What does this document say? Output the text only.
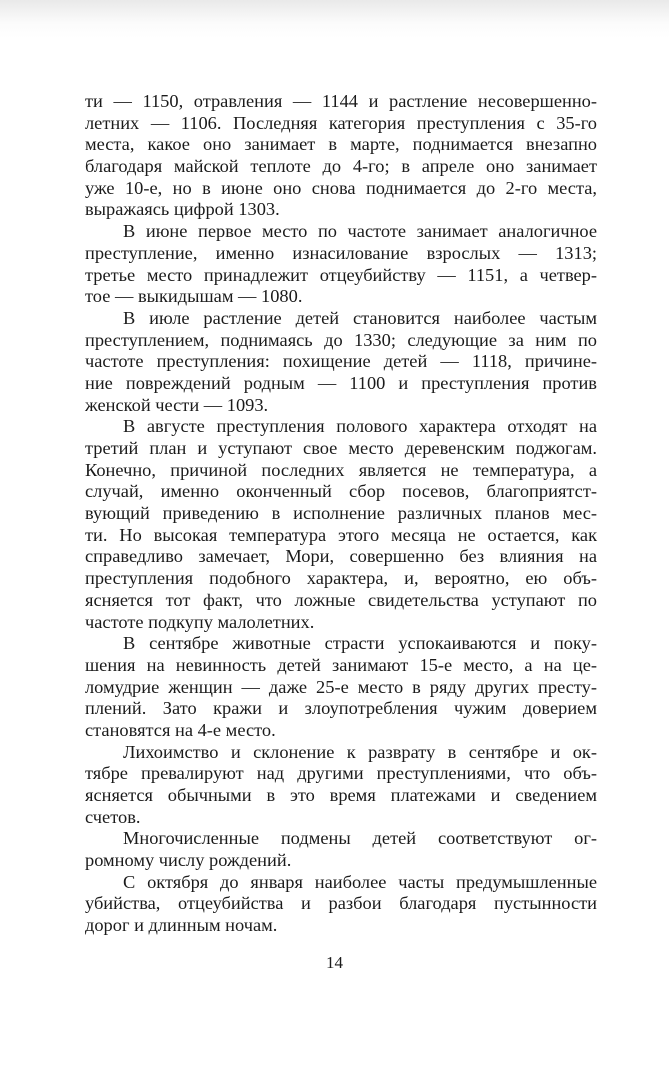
ти — 1150, отравления — 1144 и растление несовершенно-
летних — 1106. Последняя категория преступления с 35-го
места, какое оно занимает в марте, поднимается внезапно
благодаря майской теплоте до 4-го; в апреле оно занимает
уже 10-е, но в июне оно снова поднимается до 2-го места,
выражаясь цифрой 1303.
В июне первое место по частоте занимает аналогичное
преступление, именно изнасилование взрослых — 1313;
третье место принадлежит отцеубийству — 1151, а четвер-
тое — выкидышам — 1080.
В июле растление детей становится наиболее частым
преступлением, поднимаясь до 1330; следующие за ним по
частоте преступления: похищение детей — 1118, причине-
ние повреждений родным — 1100 и преступления против
женской чести — 1093.
В августе преступления полового характера отходят на
третий план и уступают свое место деревенским поджогам.
Конечно, причиной последних является не температура, а
случай, именно оконченный сбор посевов, благоприятст-
вующий приведению в исполнение различных планов мес-
ти. Но высокая температура этого месяца не остается, как
справедливо замечает, Мори, совершенно без влияния на
преступления подобного характера, и, вероятно, ею объ-
ясняется тот факт, что ложные свидетельства уступают по
частоте подкупу малолетних.
В сентябре животные страсти успокаиваются и поку-
шения на невинность детей занимают 15-е место, а на це-
ломудрие женщин — даже 25-е место в ряду других престу-
плений. Зато кражи и злоупотребления чужим доверием
становятся на 4-е место.
Лихоимство и склонение к разврату в сентябре и ок-
тябре превалируют над другими преступлениями, что объ-
ясняется обычными в это время платежами и сведением
счетов.
Многочисленные подмены детей соответствуют ог-
ромному числу рождений.
С октября до января наиболее часты предумышленные
убийства, отцеубийства и разбои благодаря пустынности
дорог и длинным ночам.
14
